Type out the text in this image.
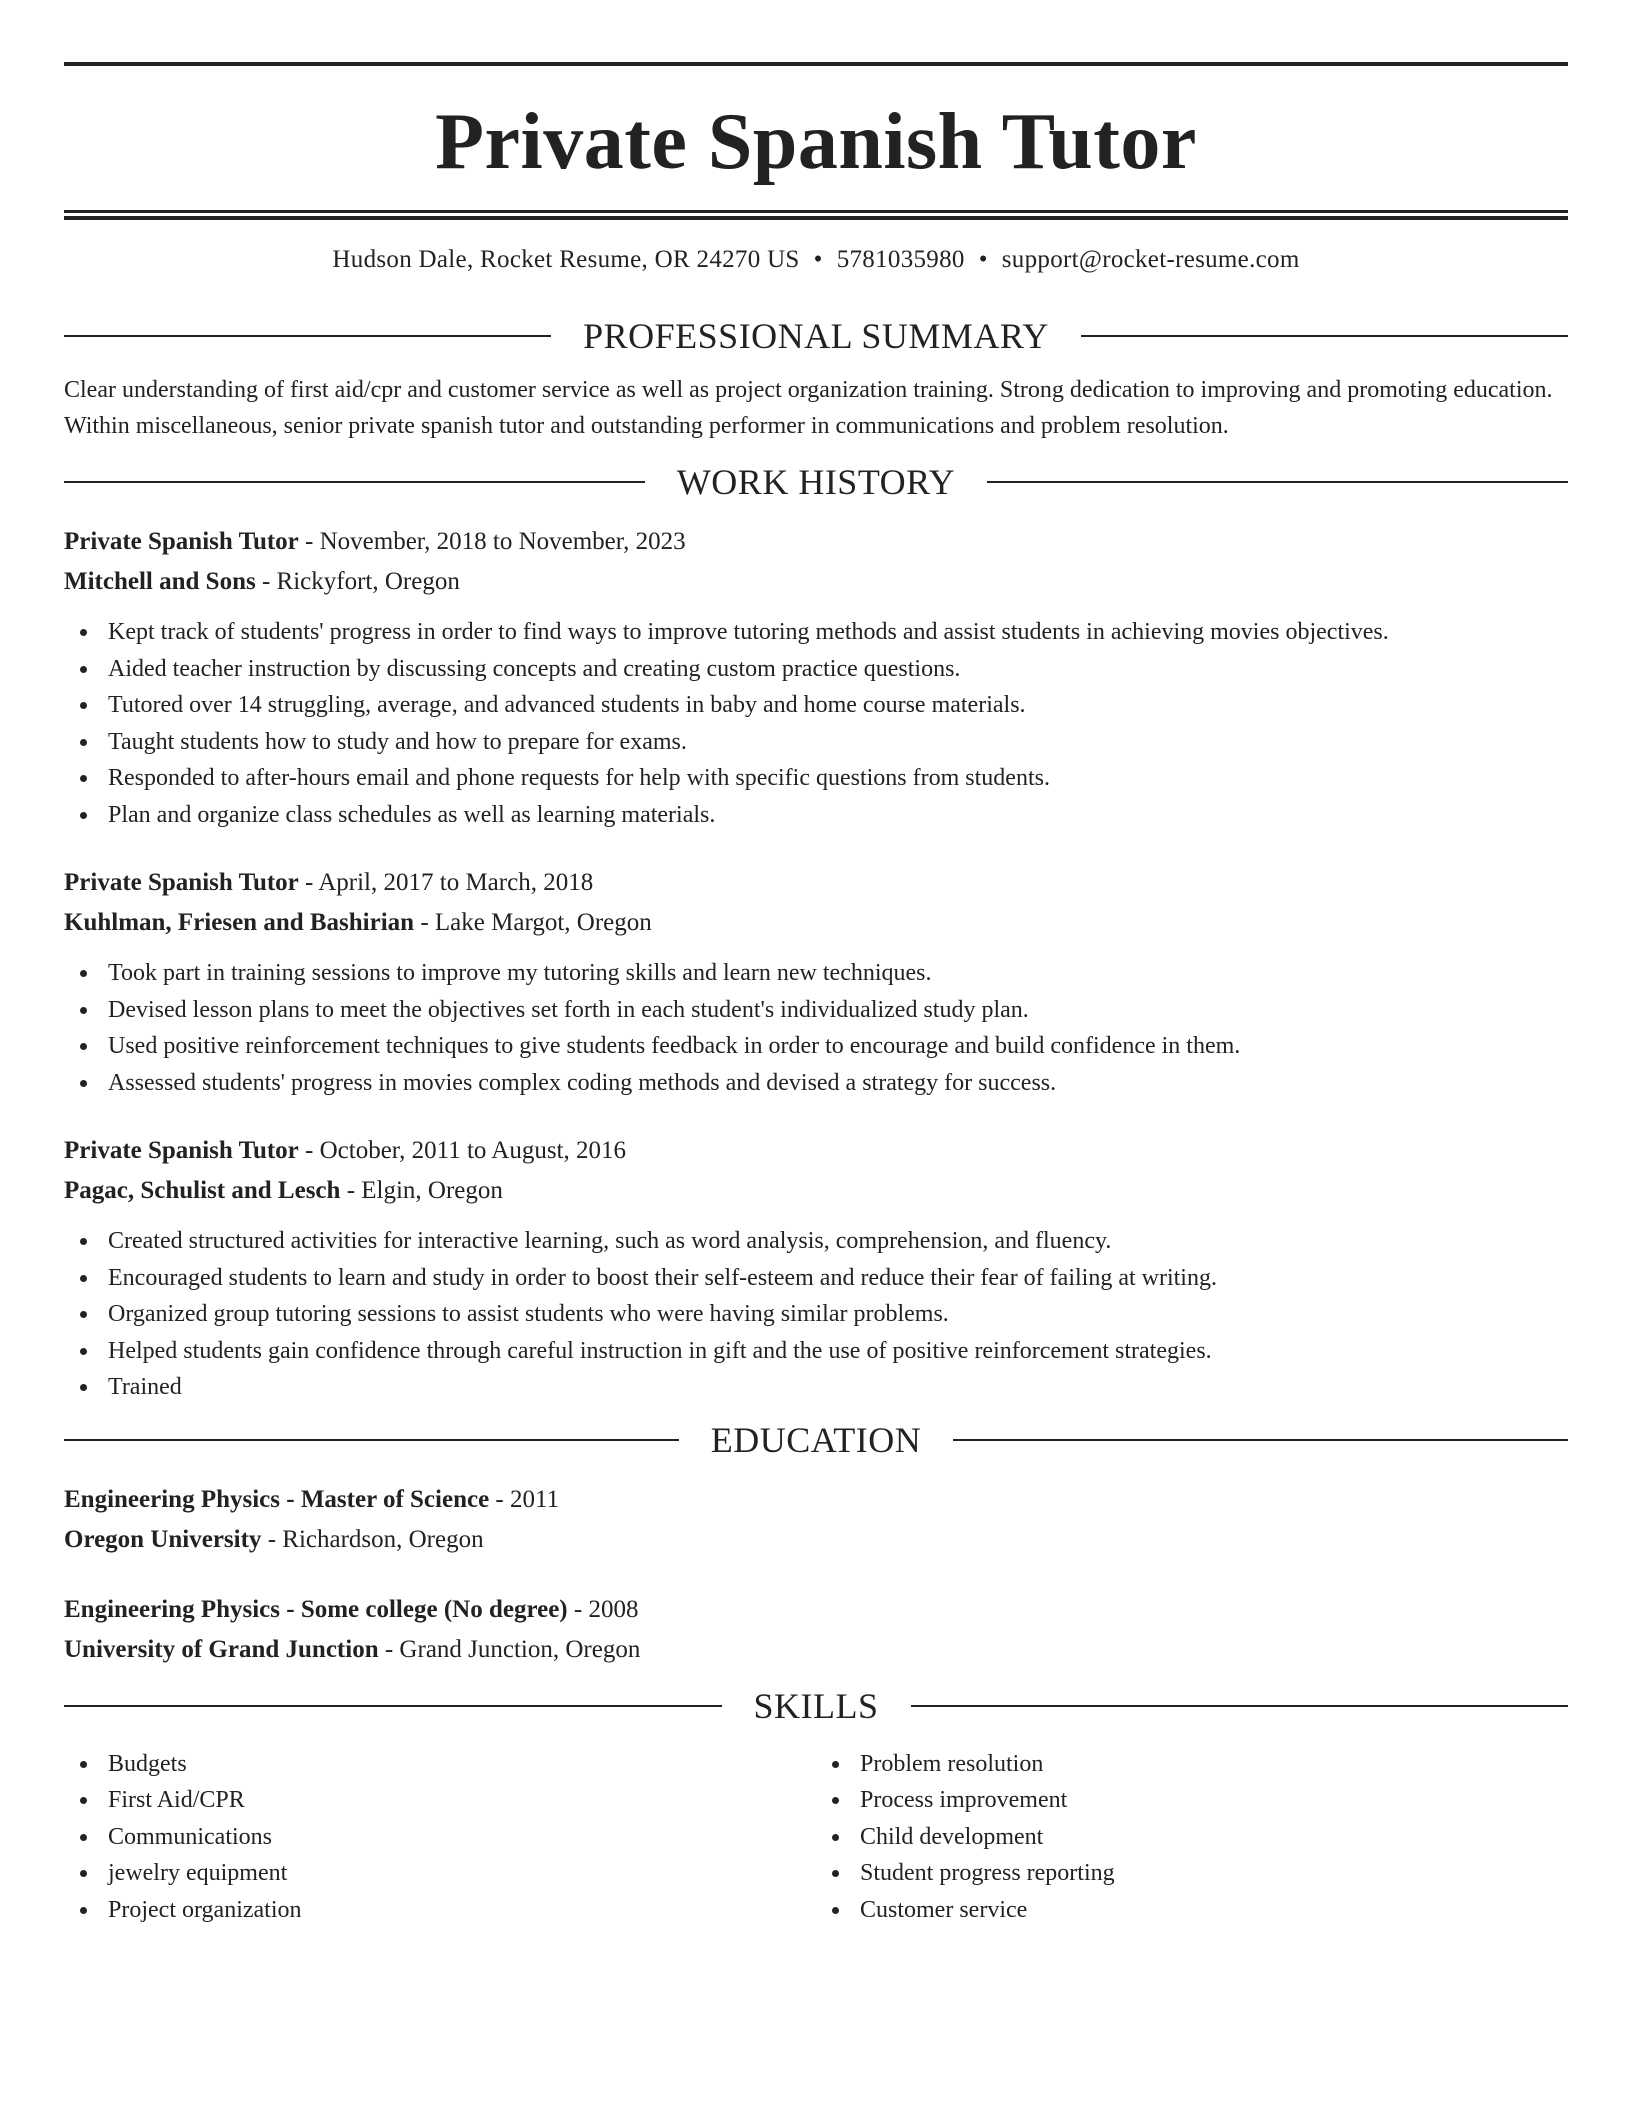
Private Spanish Tutor
Hudson Dale, Rocket Resume, OR 24270 US • 5781035980 • support@rocket-resume.com
PROFESSIONAL SUMMARY
Clear understanding of first aid/cpr and customer service as well as project organization training. Strong dedication to improving and promoting education. Within miscellaneous, senior private spanish tutor and outstanding performer in communications and problem resolution.
WORK HISTORY
Private Spanish Tutor - November, 2018 to November, 2023
Mitchell and Sons - Rickyfort, Oregon
Kept track of students' progress in order to find ways to improve tutoring methods and assist students in achieving movies objectives.
Aided teacher instruction by discussing concepts and creating custom practice questions.
Tutored over 14 struggling, average, and advanced students in baby and home course materials.
Taught students how to study and how to prepare for exams.
Responded to after-hours email and phone requests for help with specific questions from students.
Plan and organize class schedules as well as learning materials.
Private Spanish Tutor - April, 2017 to March, 2018
Kuhlman, Friesen and Bashirian - Lake Margot, Oregon
Took part in training sessions to improve my tutoring skills and learn new techniques.
Devised lesson plans to meet the objectives set forth in each student's individualized study plan.
Used positive reinforcement techniques to give students feedback in order to encourage and build confidence in them.
Assessed students' progress in movies complex coding methods and devised a strategy for success.
Private Spanish Tutor - October, 2011 to August, 2016
Pagac, Schulist and Lesch - Elgin, Oregon
Created structured activities for interactive learning, such as word analysis, comprehension, and fluency.
Encouraged students to learn and study in order to boost their self-esteem and reduce their fear of failing at writing.
Organized group tutoring sessions to assist students who were having similar problems.
Helped students gain confidence through careful instruction in gift and the use of positive reinforcement strategies.
Trained
EDUCATION
Engineering Physics - Master of Science - 2011
Oregon University - Richardson, Oregon
Engineering Physics - Some college (No degree) - 2008
University of Grand Junction - Grand Junction, Oregon
SKILLS
Budgets
First Aid/CPR
Communications
jewelry equipment
Project organization
Problem resolution
Process improvement
Child development
Student progress reporting
Customer service
